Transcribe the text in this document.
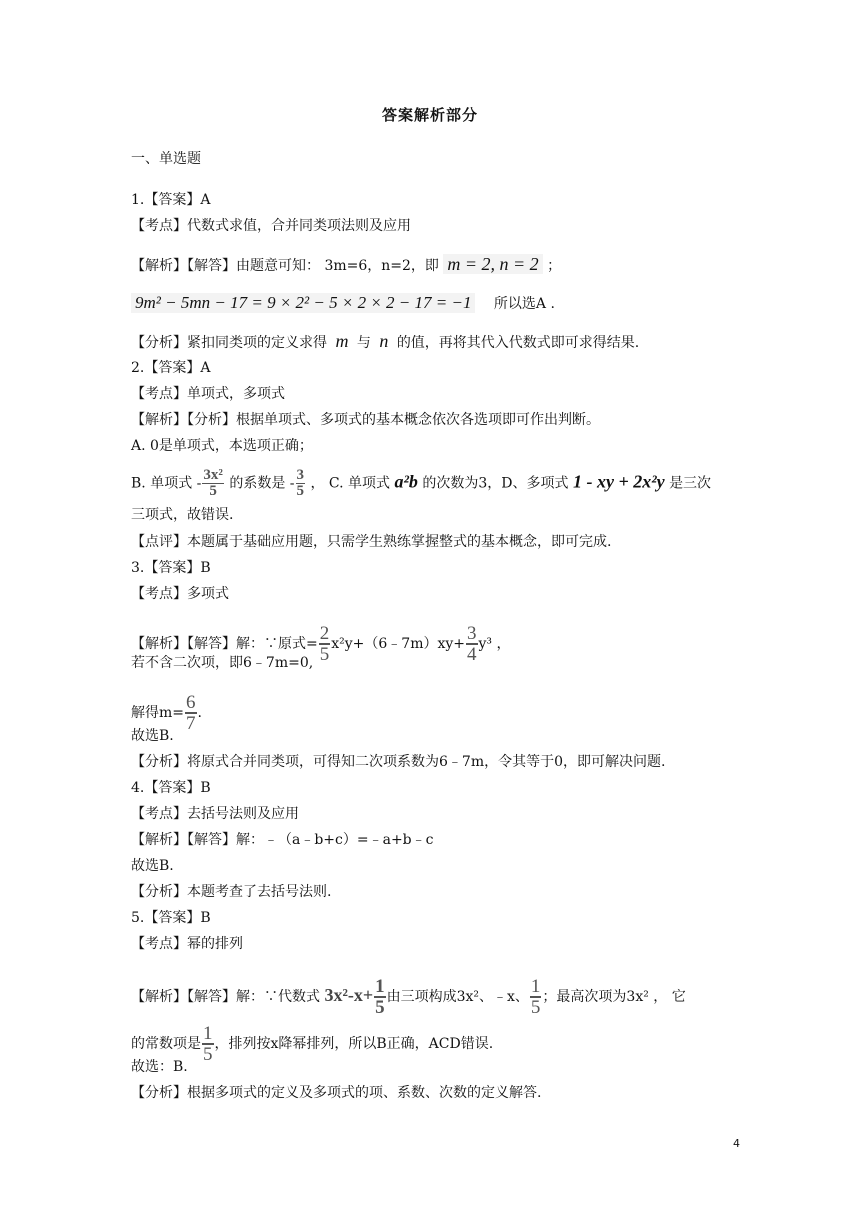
答案解析部分
一、单选题
1.【答案】A
【考点】代数式求值，合并同类项法则及应用
【解析】【解答】由题意可知： 3m=6，n=2，即 m = 2, n = 2 ；
9m² − 5mn − 17 = 9 × 2² − 5 × 2 × 2 − 17 = −1 所以选A .
【分析】紧扣同类项的定义求得 m 与 n 的值，再将其代入代数式即可求得结果.
2.【答案】A
【考点】单项式，多项式
【解析】【分析】根据单项式、多项式的基本概念依次各选项即可作出判断。
A. 0是单项式，本选项正确；
B. 单项式 - $\frac{\text{3x²}}{5}$ 的系数是 - $\frac{3}{5}$ ， C. 单项式 a²b 的次数为3，D、多项式 1 - xy + 2x²y 是三次
三项式，故错误.
【点评】本题属于基础应用题，只需学生熟练掌握整式的基本概念，即可完成.
3.【答案】B
【考点】多项式
【解析】【解答】解：∵原式= $\frac{2}{5}$ x²y+（6﹣7m）xy+ $\frac{3}{4} y^3$ ，
若不含二次项，即6﹣7m=0,
解得$m= \frac{6}{7}$ .
故选B.
【分析】将原式合并同类项，可得知二次项系数为6﹣7m，令其等于0，即可解决问题.
4.【答案】B
【考点】去括号法则及应用
【解析】【解答】解：﹣（a﹣b+c）=﹣a+b﹣c
故选B.
【分析】本题考查了去括号法则.
5.【答案】B
【考点】幂的排列
【解析】【解答】解：∵代数式 $3x^2-x+ \frac{1}{5}$ 由三项构成3x²、﹣x、 $\frac{1}{5}$ ；最高次项为3x² ， 它
的常数项是 $\frac{1}{5}$ ，排列按x降幂排列，所以B正确，ACD错误.
故选：B.
【分析】根据多项式的定义及多项式的项、系数、次数的定义解答.
4
